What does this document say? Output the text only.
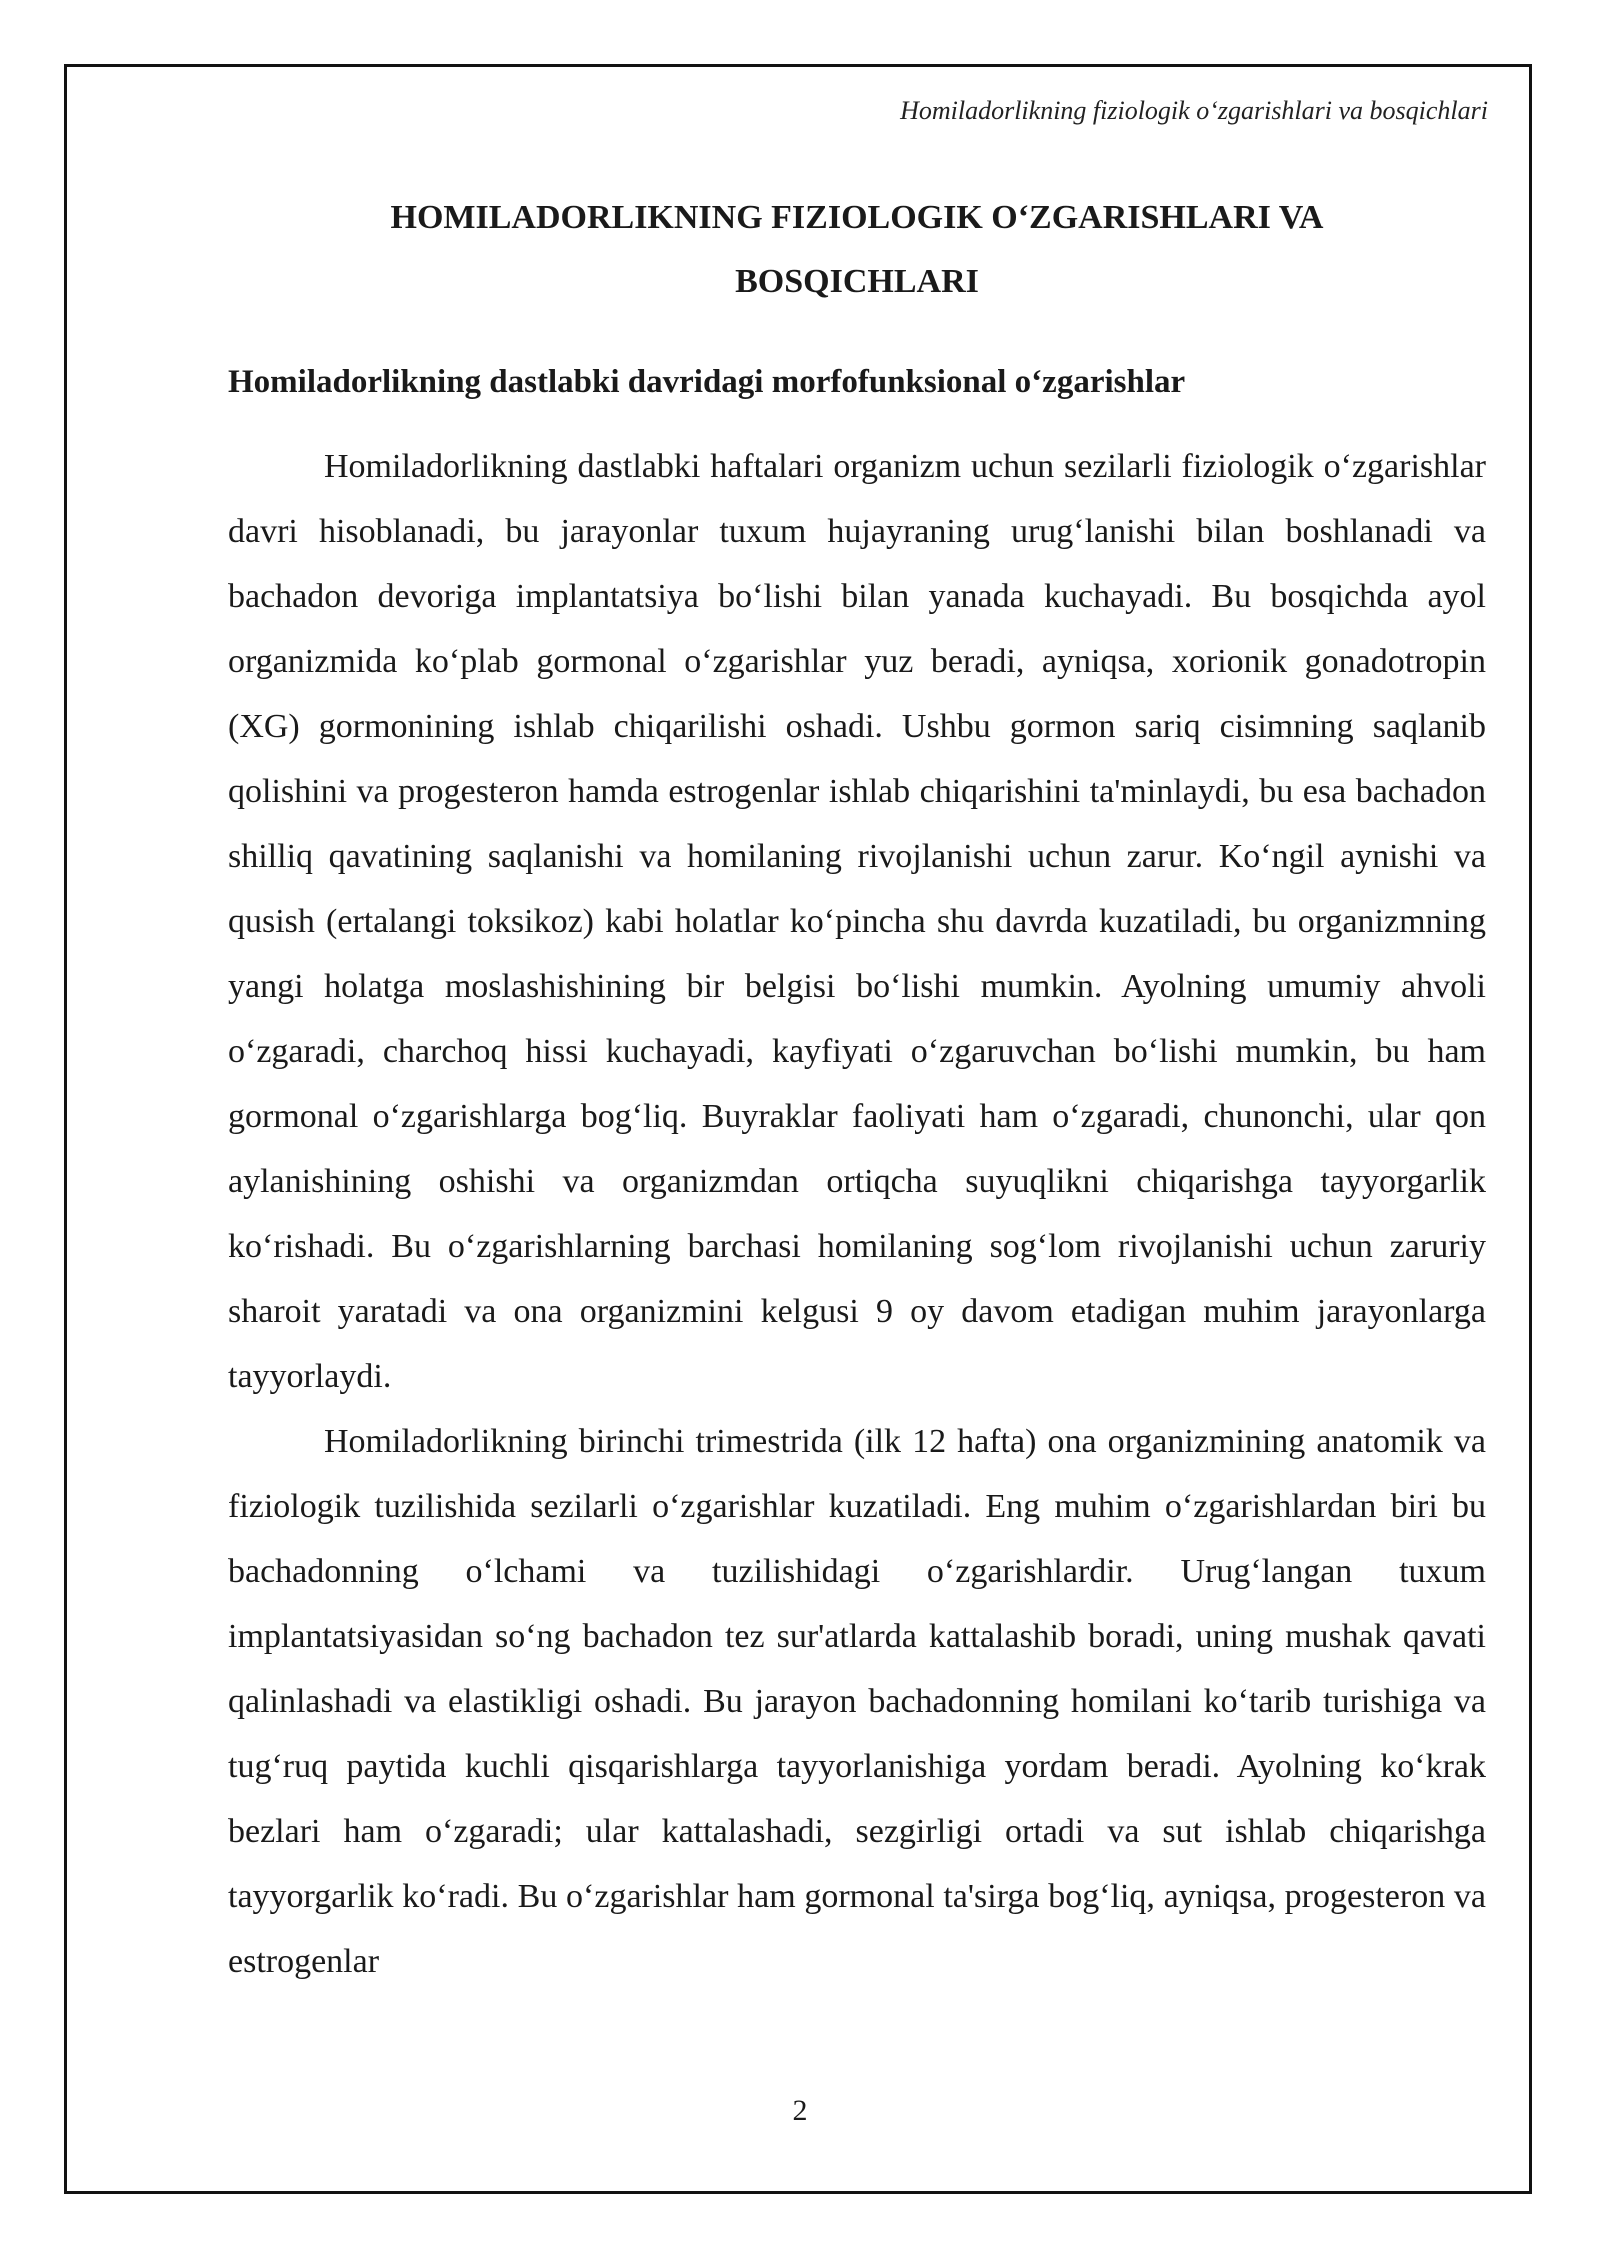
Homiladorlikning fiziologik o‘zgarishlari va bosqichlari
HOMILADORLIKNING FIZIOLOGIK O‘ZGARISHLARI VA
BOSQICHLARI
Homiladorlikning dastlabki davridagi morfofunksional o‘zgarishlar

Homiladorlikning dastlabki haftalari organizm uchun sezilarli fiziologik o‘zgarishlar davri hisoblanadi, bu jarayonlar tuxum hujayraning urug‘lanishi bilan boshlanadi va bachadon devoriga implantatsiya bo‘lishi bilan yanada kuchayadi. Bu bosqichda ayol organizmida ko‘plab gormonal o‘zgarishlar yuz beradi, ayniqsa, xorionik gonadotropin (XG) gormonining ishlab chiqarilishi oshadi. Ushbu gormon sariq cisimning saqlanib qolishini va progesteron hamda estrogenlar ishlab chiqarishini ta'minlaydi, bu esa bachadon shilliq qavatining saqlanishi va homilaning rivojlanishi uchun zarur. Ko‘ngil aynishi va qusish (ertalangi toksikoz) kabi holatlar ko‘pincha shu davrda kuzatiladi, bu organizmning yangi holatga moslashishining bir belgisi bo‘lishi mumkin. Ayolning umumiy ahvoli o‘zgaradi, charchoq hissi kuchayadi, kayfiyati o‘zgaruvchan bo‘lishi mumkin, bu ham gormonal o‘zgarishlarga bog‘liq. Buyraklar faoliyati ham o‘zgaradi, chunonchi, ular qon aylanishining oshishi va organizmdan ortiqcha suyuqlikni chiqarishga tayyorgarlik ko‘rishadi. Bu o‘zgarishlarning barchasi homilaning sog‘lom rivojlanishi uchun zaruriy sharoit yaratadi va ona organizmini kelgusi 9 oy davom etadigan muhim jarayonlarga tayyorlaydi.

Homiladorlikning birinchi trimestrida (ilk 12 hafta) ona organizmining anatomik va fiziologik tuzilishida sezilarli o‘zgarishlar kuzatiladi. Eng muhim o‘zgarishlardan biri bu bachadonning o‘lchami va tuzilishidagi o‘zgarishlardir. Urug‘langan tuxum implantatsiyasidan so‘ng bachadon tez sur'atlarda kattalashib boradi, uning mushak qavati qalinlashadi va elastikligi oshadi. Bu jarayon bachadonning homilani ko‘tarib turishiga va tug‘ruq paytida kuchli qisqarishlarga tayyorlanishiga yordam beradi. Ayolning ko‘krak bezlari ham o‘zgaradi; ular kattalashadi, sezgirligi ortadi va sut ishlab chiqarishga tayyorgarlik ko‘radi. Bu o‘zgarishlar ham gormonal ta'sirga bog‘liq, ayniqsa, progesteron va estrogenlar

2
